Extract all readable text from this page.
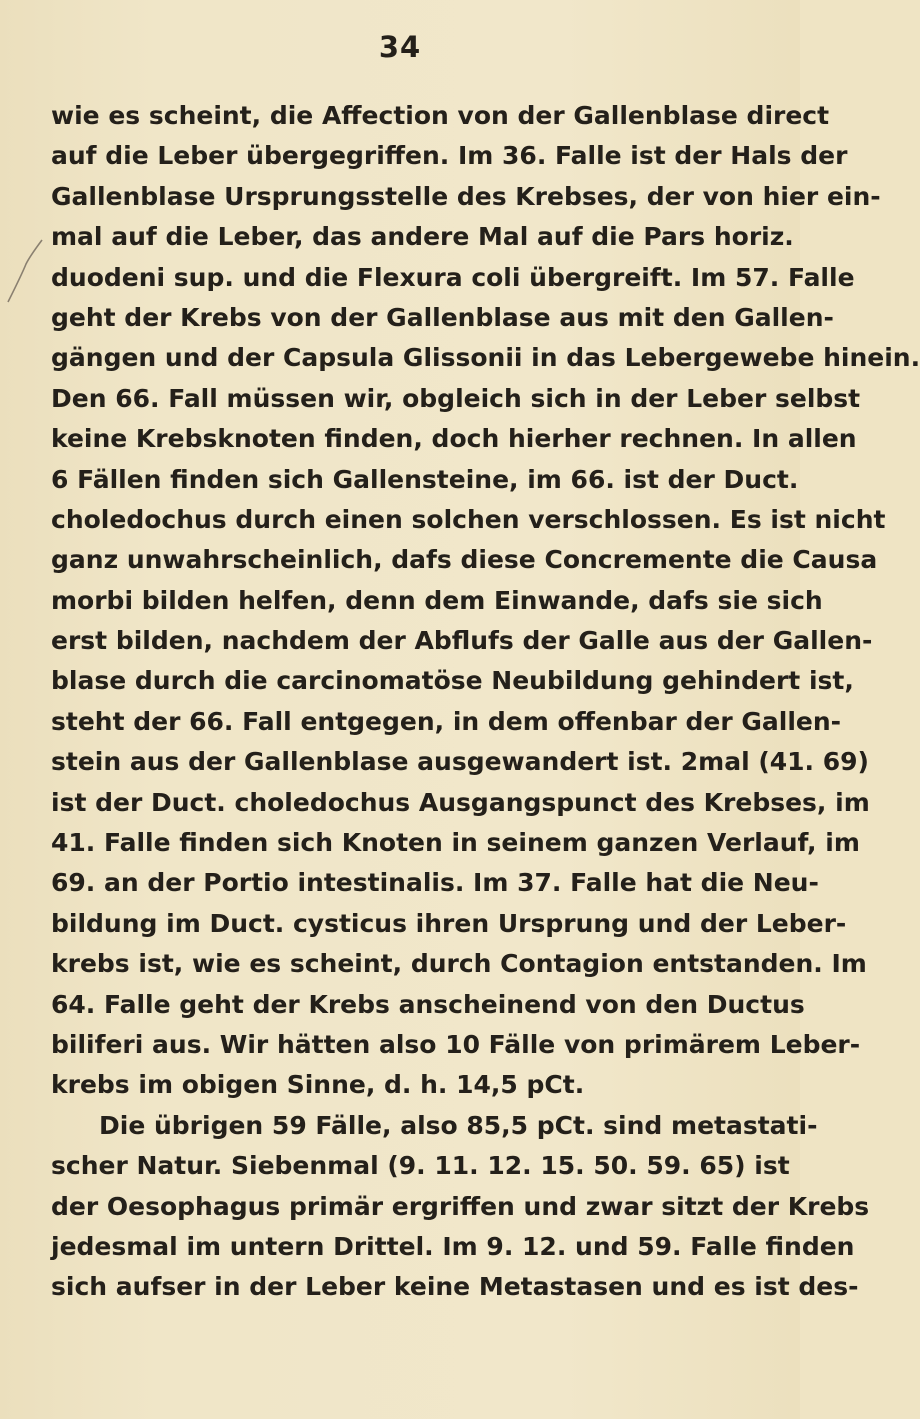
34
wie es scheint, die Affection von der Gallenblase direct
auf die Leber übergegriffen. Im 36. Falle ist der Hals der
Gallenblase Ursprungsstelle des Krebses, der von hier ein-
mal auf die Leber, das andere Mal auf die Pars horiz.
duodeni sup. und die Flexura coli übergreift. Im 57. Falle
geht der Krebs von der Gallenblase aus mit den Gallen-
gängen und der Capsula Glissonii in das Lebergewebe hinein.
Den 66. Fall müssen wir, obgleich sich in der Leber selbst
keine Krebsknoten finden, doch hierher rechnen. In allen
6 Fällen finden sich Gallensteine, im 66. ist der Duct.
choledochus durch einen solchen verschlossen. Es ist nicht
ganz unwahrscheinlich, dafs diese Concremente die Causa
morbi bilden helfen, denn dem Einwande, dafs sie sich
erst bilden, nachdem der Abflufs der Galle aus der Gallen-
blase durch die carcinomatöse Neubildung gehindert ist,
steht der 66. Fall entgegen, in dem offenbar der Gallen-
stein aus der Gallenblase ausgewandert ist. 2mal (41. 69)
ist der Duct. choledochus Ausgangspunct des Krebses, im
41. Falle finden sich Knoten in seinem ganzen Verlauf, im
69. an der Portio intestinalis. Im 37. Falle hat die Neu-
bildung im Duct. cysticus ihren Ursprung und der Leber-
krebs ist, wie es scheint, durch Contagion entstanden. Im
64. Falle geht der Krebs anscheinend von den Ductus
biliferi aus. Wir hätten also 10 Fälle von primärem Leber-
krebs im obigen Sinne, d. h. 14,5 pCt.
Die übrigen 59 Fälle, also 85,5 pCt. sind metastati-
scher Natur. Siebenmal (9. 11. 12. 15. 50. 59. 65) ist
der Oesophagus primär ergriffen und zwar sitzt der Krebs
jedesmal im untern Drittel. Im 9. 12. und 59. Falle finden
sich aufser in der Leber keine Metastasen und es ist des-
